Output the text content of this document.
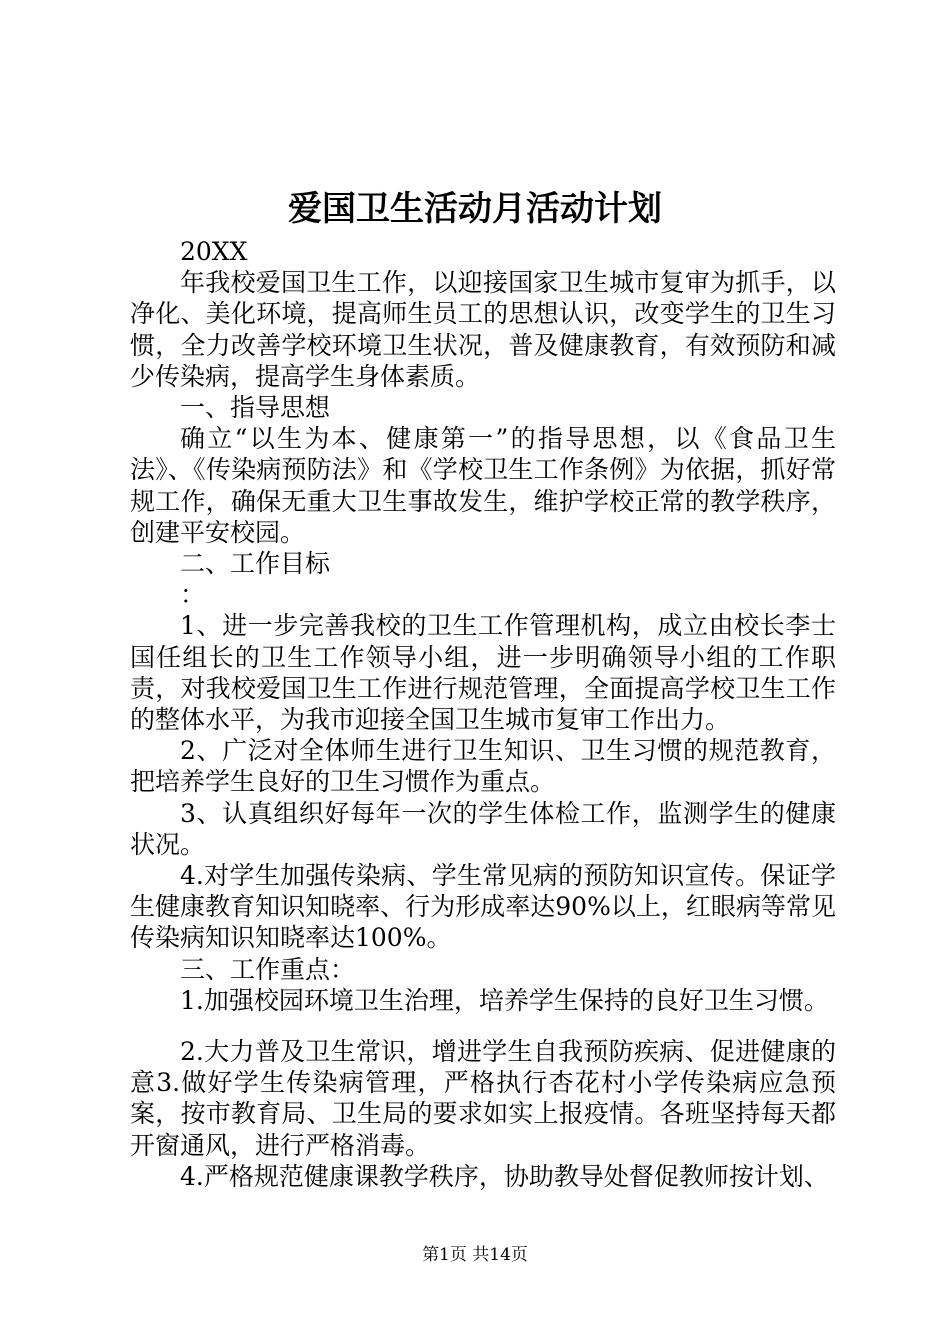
爱国卫生活动月活动计划

20XX

年我校爱国卫生工作，以迎接国家卫生城市复审为抓手，以净化、美化环境，提高师生员工的思想认识，改变学生的卫生习惯，全力改善学校环境卫生状况，普及健康教育，有效预防和减少传染病，提高学生身体素质。

一、指导思想

确立“以生为本、健康第一”的指导思想，以《食品卫生法》、《传染病预防法》和《学校卫生工作条例》为依据，抓好常规工作，确保无重大卫生事故发生，维护学校正常的教学秩序，创建平安校园。

二、工作目标

：

1、进一步完善我校的卫生工作管理机构，成立由校长李士国任组长的卫生工作领导小组，进一步明确领导小组的工作职责，对我校爱国卫生工作进行规范管理，全面提高学校卫生工作的整体水平，为我市迎接全国卫生城市复审工作出力。

2、广泛对全体师生进行卫生知识、卫生习惯的规范教育，把培养学生良好的卫生习惯作为重点。

3、认真组织好每年一次的学生体检工作，监测学生的健康状况。

4.对学生加强传染病、学生常见病的预防知识宣传。保证学生健康教育知识知晓率、行为形成率达90%以上，红眼病等常见传染病知识知晓率达100%。

三、工作重点：

1.加强校园环境卫生治理，培养学生保持的良好卫生习惯。

2.大力普及卫生常识，增进学生自我预防疾病、促进健康的意3.做好学生传染病管理，严格执行杏花村小学传染病应急预案，按市教育局、卫生局的要求如实上报疫情。各班坚持每天都开窗通风，进行严格消毒。

4.严格规范健康课教学秩序，协助教导处督促教师按计划、

第1页 共14页
